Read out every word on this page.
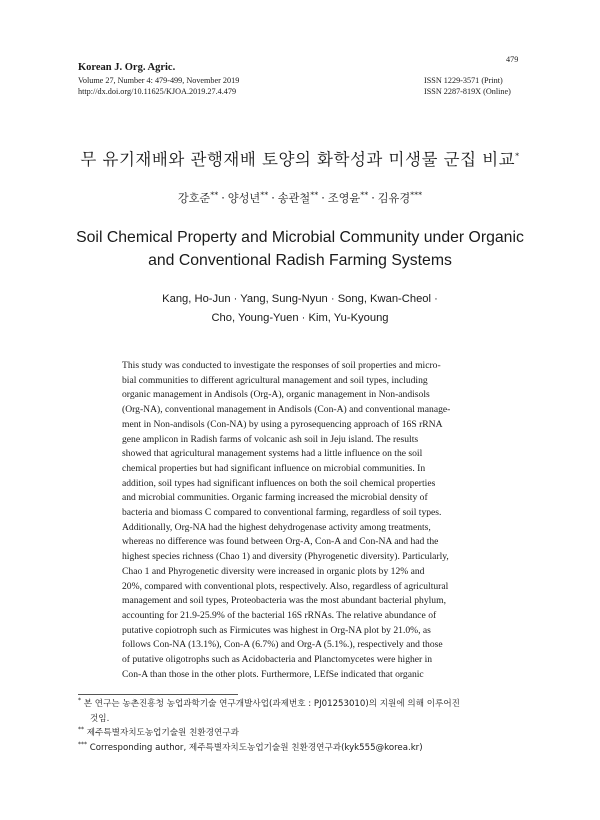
Korean J. Org. Agric.
Volume 27, Number 4: 479-499, November 2019
http://dx.doi.org/10.11625/KJOA.2019.27.4.479
479
ISSN 1229-3571 (Print)
ISSN 2287-819X (Online)
무 유기재배와 관행재배 토양의 화학성과 미생물 군집 비교*
강호준** · 양성년** · 송관철** · 조영윤** · 김유경***
Soil Chemical Property and Microbial Community under Organic
and Conventional Radish Farming Systems
Kang, Ho-Jun · Yang, Sung-Nyun · Song, Kwan-Cheol ·
Cho, Young-Yuen · Kim, Yu-Kyoung
This study was conducted to investigate the responses of soil properties and micro-
bial communities to different agricultural management and soil types, including
organic management in Andisols (Org-A), organic management in Non-andisols
(Org-NA), conventional management in Andisols (Con-A) and conventional manage-
ment in Non-andisols (Con-NA) by using a pyrosequencing approach of 16S rRNA
gene amplicon in Radish farms of volcanic ash soil in Jeju island. The results
showed that agricultural management systems had a little influence on the soil
chemical properties but had significant influence on microbial communities. In
addition, soil types had significant influences on both the soil chemical properties
and microbial communities. Organic farming increased the microbial density of
bacteria and biomass C compared to conventional farming, regardless of soil types.
Additionally, Org-NA had the highest dehydrogenase activity among treatments,
whereas no difference was found between Org-A, Con-A and Con-NA and had the
highest species richness (Chao 1) and diversity (Phyrogenetic diversity). Particularly,
Chao 1 and Phyrogenetic diversity were increased in organic plots by 12% and
20%, compared with conventional plots, respectively. Also, regardless of agricultural
management and soil types, Proteobacteria was the most abundant bacterial phylum,
accounting for 21.9-25.9% of the bacterial 16S rRNAs. The relative abundance of
putative copiotroph such as Firmicutes was highest in Org-NA plot by 21.0%, as
follows Con-NA (13.1%), Con-A (6.7%) and Org-A (5.1%.), respectively and those
of putative oligotrophs such as Acidobacteria and Planctomycetes were higher in
Con-A than those in the other plots. Furthermore, LEfSe indicated that organic
* 본 연구는 농촌진흥청 농업과학기술 연구개발사업(과제번호 : PJ01253010)의 지원에 의해 이루어진
것임.
** 제주특별자치도농업기술원 친환경연구과
*** Corresponding author, 제주특별자치도농업기술원 친환경연구과(kyk555@korea.kr)
